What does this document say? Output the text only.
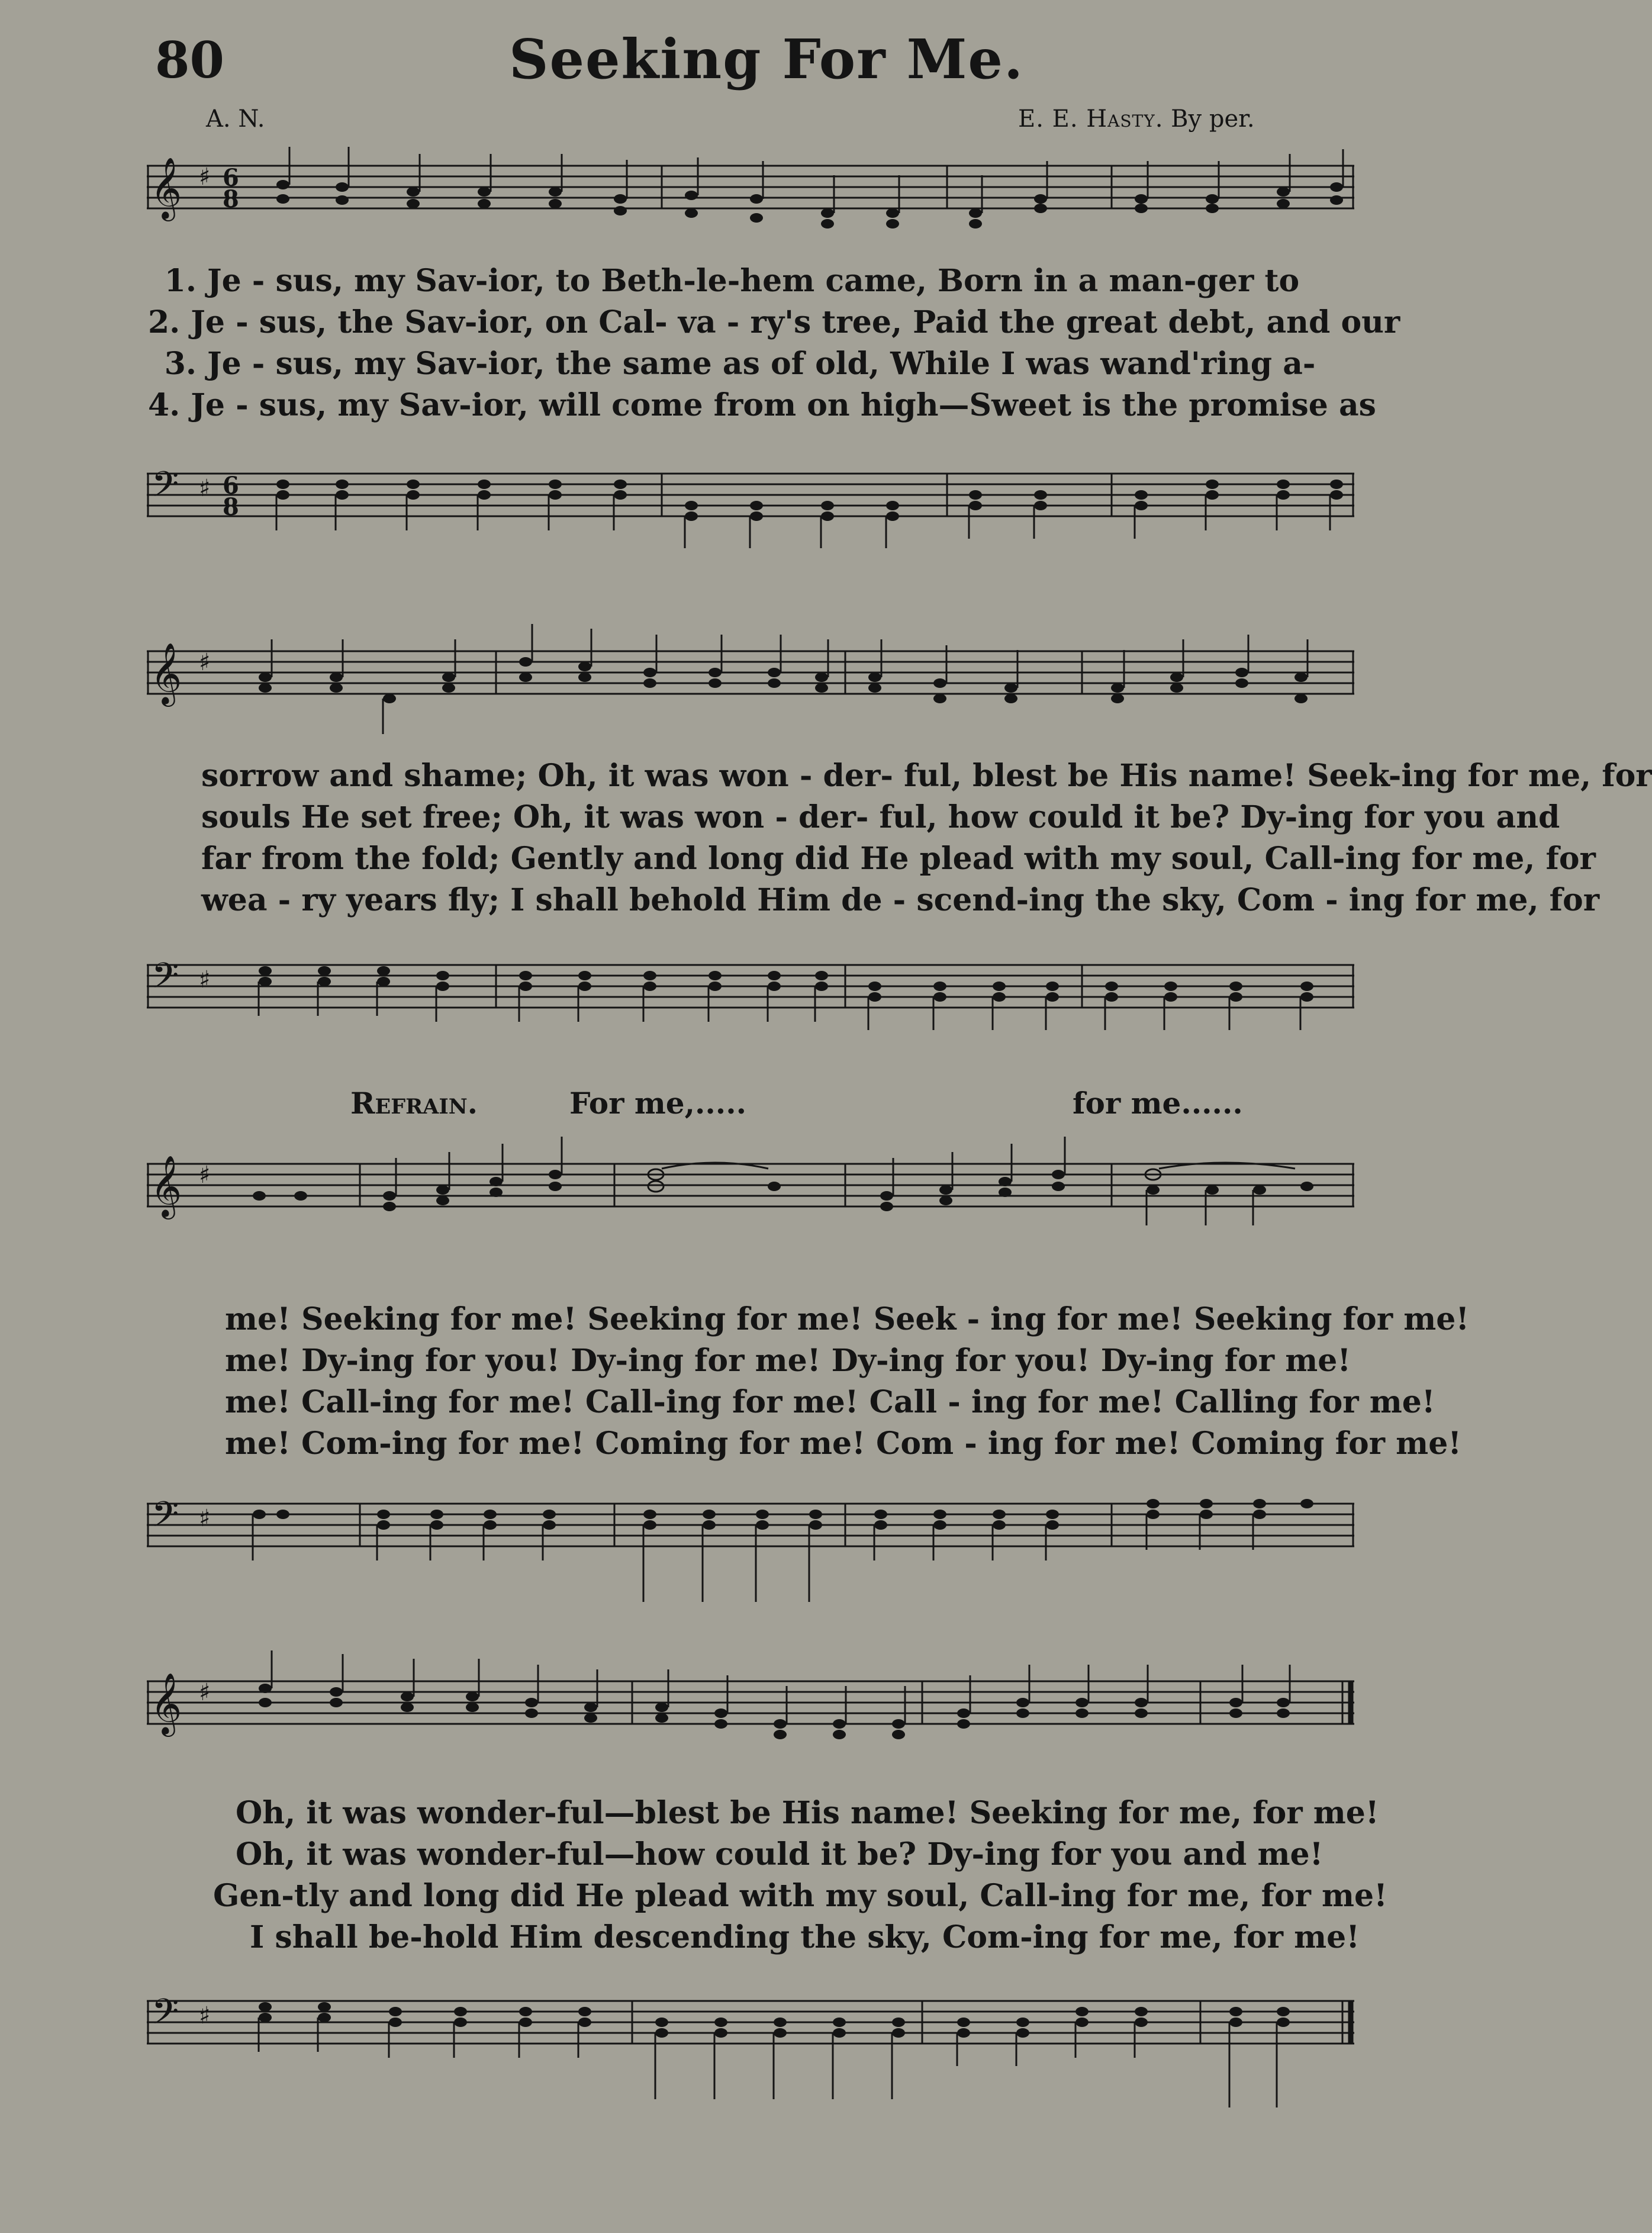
80	Seeking For Me.
A. N.	E. E. Hasty. By per.
𝄞 ♯ 6
8
1. Je - sus, my Sav-ior, to Beth-le-hem came, Born in a man-ger to
2. Je - sus, the Sav-ior, on Cal- va - ry's tree, Paid the great debt, and our
3. Je - sus, my Sav-ior, the same as of old, While I was wand'ring a-
4. Je - sus, my Sav-ior, will come from on high—Sweet is the promise as
𝄢 ♯ 6
8
𝄞 ♯
sorrow and shame; Oh, it was won - der- ful, blest be His name! Seek-ing for me, for
souls He set free; Oh, it was won - der- ful, how could it be? Dy-ing for you and
far from the fold; Gently and long did He plead with my soul, Call-ing for me, for
wea - ry years fly; I shall behold Him de - scend-ing the sky, Com - ing for me, for
𝄢 ♯
Refrain.	For me,.....	for me......
𝄞 ♯
me! Seeking for me! Seeking for me! Seek - ing for me! Seeking for me!
me! Dy-ing for you! Dy-ing for me! Dy-ing for you! Dy-ing for me!
me! Call-ing for me! Call-ing for me! Call - ing for me! Calling for me!
me! Com-ing for me! Coming for me! Com - ing for me! Coming for me!
𝄢 ♯
𝄞 ♯
Oh, it was wonder-ful—blest be His name! Seeking for me, for me!
Oh, it was wonder-ful—how could it be? Dy-ing for you and me!
Gen-tly and long did He plead with my soul, Call-ing for me, for me!
I shall be-hold Him descending the sky, Com-ing for me, for me!
𝄢 ♯
